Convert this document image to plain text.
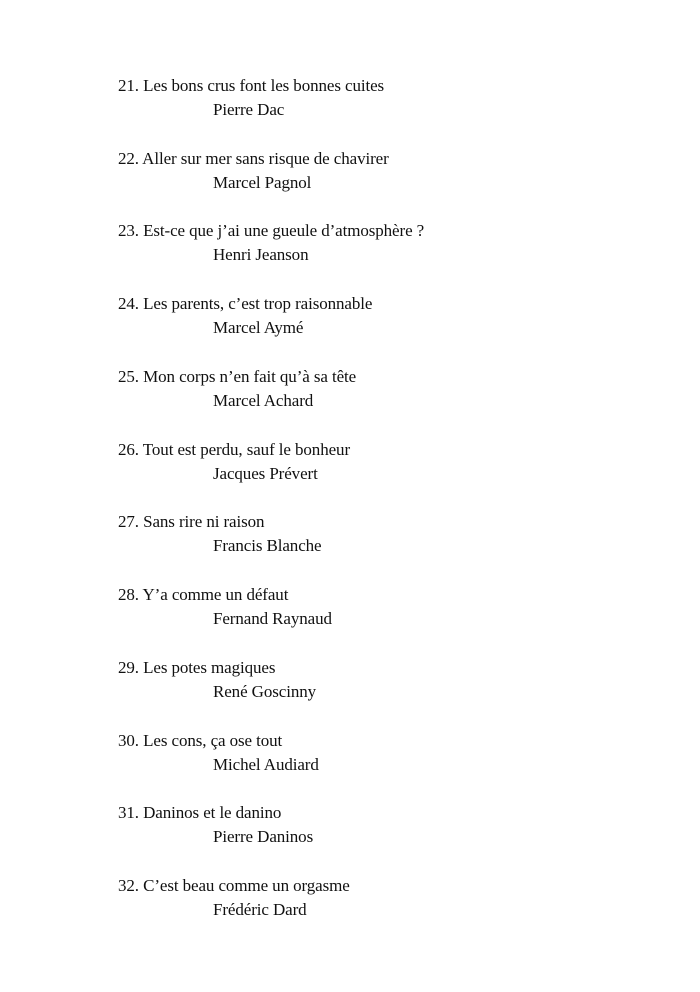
21. Les bons crus font les bonnes cuites
Pierre Dac
22. Aller sur mer sans risque de chavirer
Marcel Pagnol
23. Est-ce que j’ai une gueule d’atmosphère ?
Henri Jeanson
24. Les parents, c’est trop raisonnable
Marcel Aymé
25. Mon corps n’en fait qu’à sa tête
Marcel Achard
26. Tout est perdu, sauf le bonheur
Jacques Prévert
27. Sans rire ni raison
Francis Blanche
28. Y’a comme un défaut
Fernand Raynaud
29. Les potes magiques
René Goscinny
30. Les cons, ça ose tout
Michel Audiard
31. Daninos et le danino
Pierre Daninos
32. C’est beau comme un orgasme
Frédéric Dard
